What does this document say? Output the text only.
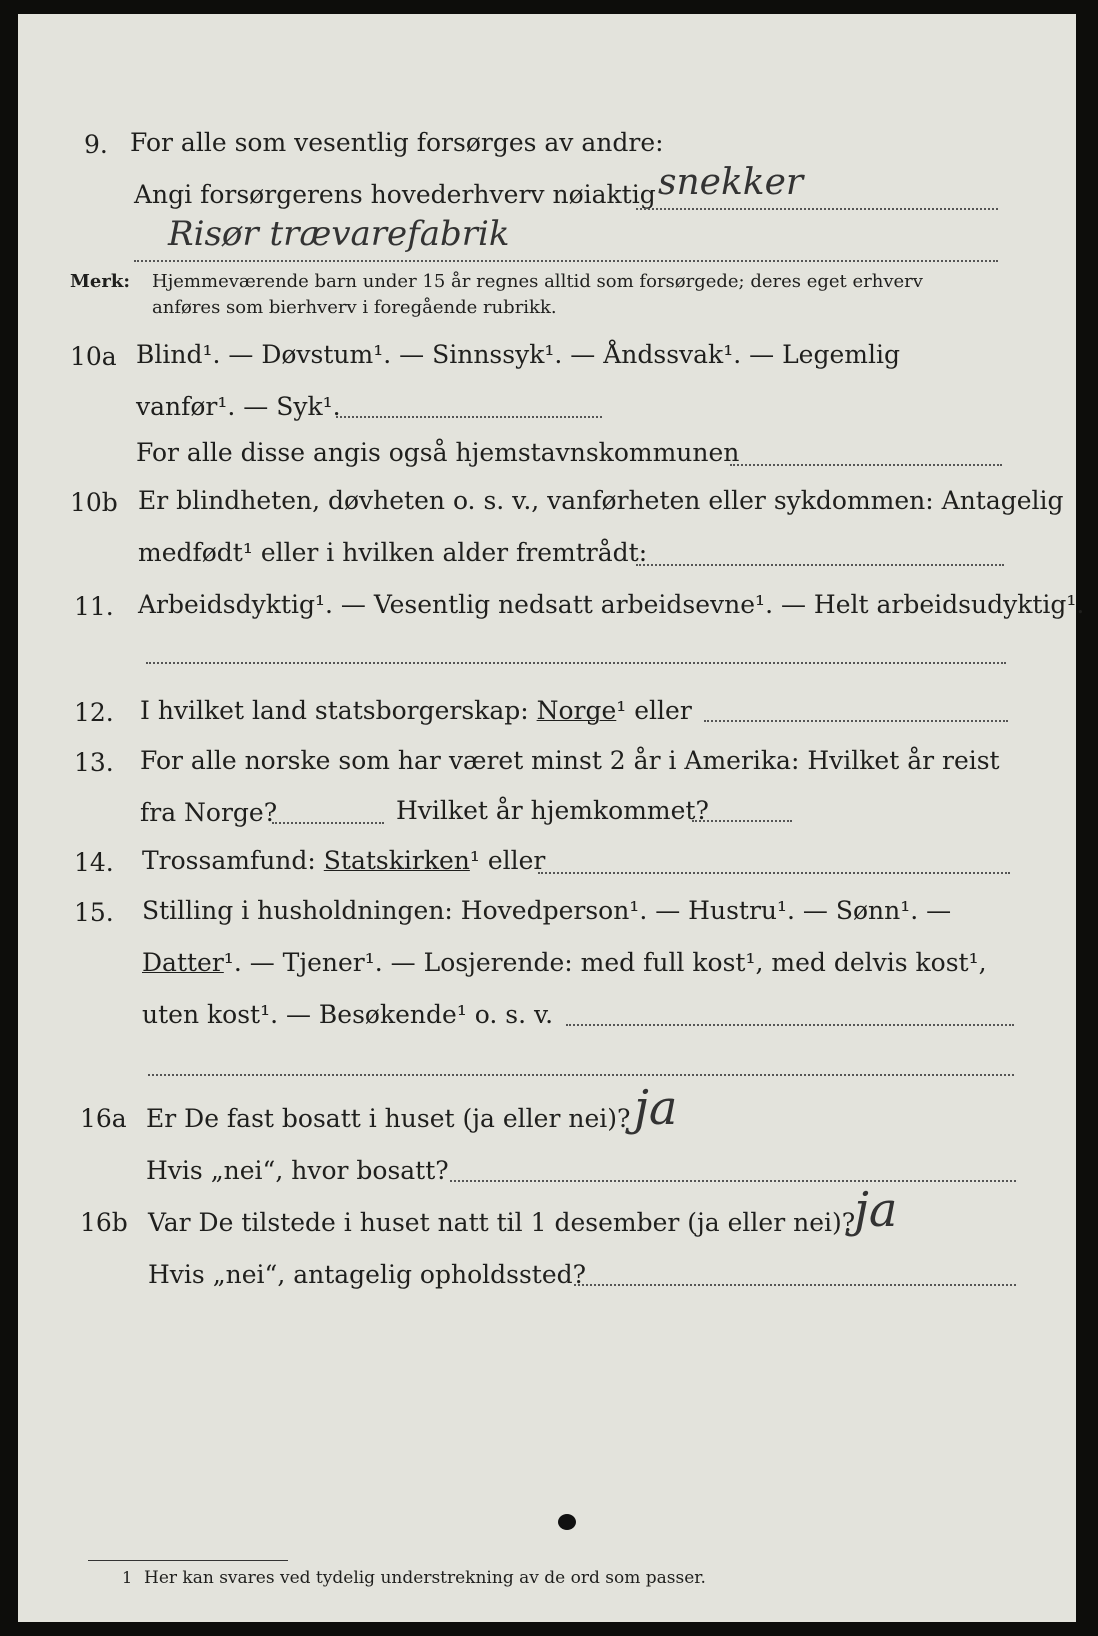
9. For alle som vesentlig forsørges av andre:
Angi forsørgerens hovederhverv nøiaktig snekker
Risør trævarefabrik
Merk: Hjemmeværende barn under 15 år regnes alltid som forsørgede; deres eget erhverv
anføres som bierhverv i foregående rubrikk.
10a Blind¹. — Døvstum¹. — Sinnssyk¹. — Åndssvak¹. — Legemlig
vanfør¹. — Syk¹.
For alle disse angis også hjemstavnskommunen
10b Er blindheten, døvheten o. s. v., vanførheten eller sykdommen: Antagelig
medfødt¹ eller i hvilken alder fremtrådt:
11. Arbeidsdyktig¹. — Vesentlig nedsatt arbeidsevne¹. — Helt arbeidsudyktig¹.
12. I hvilket land statsborgerskap: Norge¹ eller
13. For alle norske som har været minst 2 år i Amerika: Hvilket år reist
fra Norge?	Hvilket år hjemkommet?
14. Trossamfund: Statskirken¹ eller
15. Stilling i husholdningen: Hovedperson¹. — Hustru¹. — Sønn¹. —
Datter¹. — Tjener¹. — Losjerende: med full kost¹, med delvis kost¹,
uten kost¹. — Besøkende¹ o. s. v.
16a Er De fast bosatt i huset (ja eller nei)? ja
Hvis „nei“, hvor bosatt?
16b Var De tilstede i huset natt til 1 desember (ja eller nei)?
ja
Hvis „nei“, antagelig opholdssted?
1 Her kan svares ved tydelig understrekning av de ord som passer.
